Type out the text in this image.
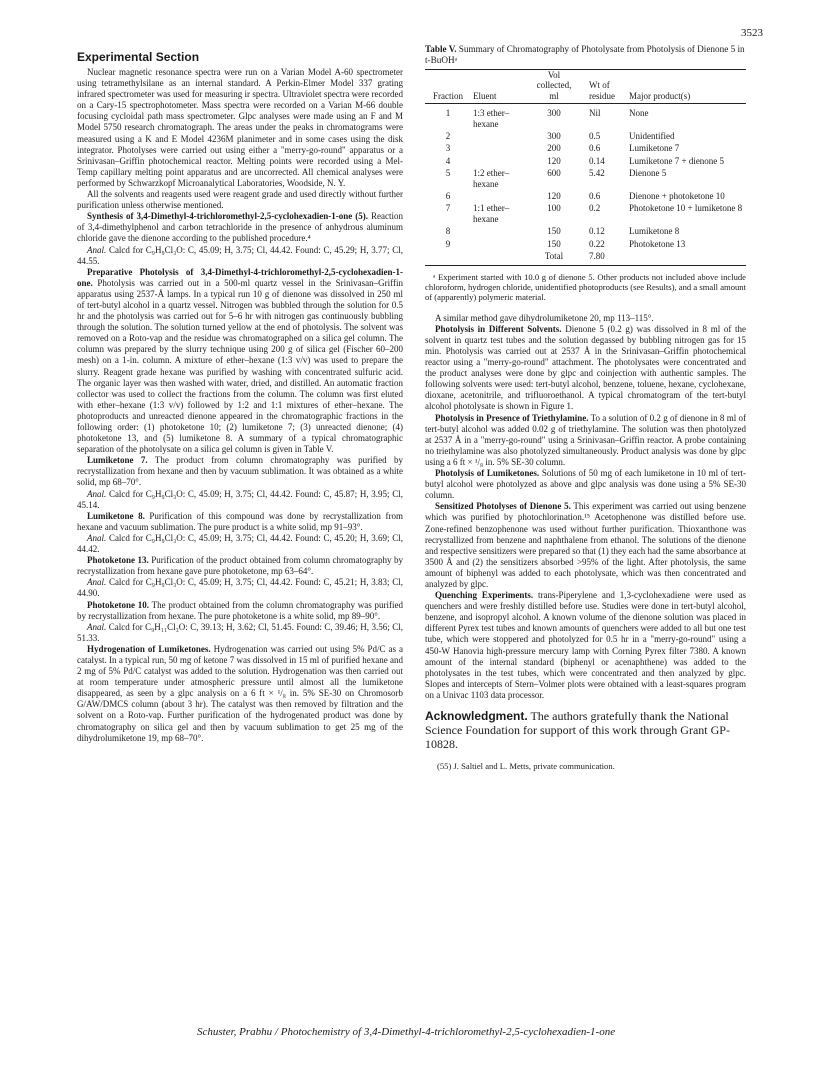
3523
Experimental Section

Nuclear magnetic resonance spectra were run on a Varian Model A-60 spectrometer using tetramethylsilane as an internal standard. A Perkin-Elmer Model 337 grating infrared spectrometer was used for measuring ir spectra. Ultraviolet spectra were recorded on a Cary-15 spectrophotometer. Mass spectra were recorded on a Varian M-66 double focusing cycloidal path mass spectrometer. Glpc analyses were made using an F and M Model 5750 research chromatograph. The areas under the peaks in chromatograms were measured using a K and E Model 4236M planimeter and in some cases using the disk integrator. Photolyses were carried out using either a "merry-go-round" apparatus or a Srinivasan–Griffin photochemical reactor. Melting points were recorded using a Mel-Temp capillary melting point apparatus and are uncorrected. All chemical analyses were performed by Schwarzkopf Microanalytical Laboratories, Woodside, N. Y.

All the solvents and reagents used were reagent grade and used directly without further purification unless otherwise mentioned.

Synthesis of 3,4-Dimethyl-4-trichloromethyl-2,5-cyclohexadien-1-one (5). Reaction of 3,4-dimethylphenol and carbon tetrachloride in the presence of anhydrous aluminum chloride gave the dienone according to the published procedure.⁴

Anal. Calcd for C₉H₉Cl₃O: C, 45.09; H, 3.75; Cl, 44.42. Found: C, 45.29; H, 3.77; Cl, 44.55.

Preparative Photolysis of 3,4-Dimethyl-4-trichloromethyl-2,5-cyclohexadien-1-one. Photolysis was carried out in a 500-ml quartz vessel in the Srinivasan–Griffin apparatus using 2537-Å lamps. In a typical run 10 g of dienone was dissolved in 250 ml of tert-butyl alcohol in a quartz vessel. Nitrogen was bubbled through the solution for 0.5 hr and the photolysis was carried out for 5–6 hr with nitrogen gas continuously bubbling through the solution. The solution turned yellow at the end of photolysis. The solvent was removed on a Roto-vap and the residue was chromatographed on a silica gel column. The column was prepared by the slurry technique using 200 g of silica gel (Fischer 60–200 mesh) on a 1-in. column. A mixture of ether–hexane (1:3 v/v) was used to prepare the slurry. Reagent grade hexane was purified by washing with concentrated sulfuric acid. The organic layer was then washed with water, dried, and distilled. An automatic fraction collector was used to collect the fractions from the column. The column was first eluted with ether–hexane (1:3 v/v) followed by 1:2 and 1:1 mixtures of ether–hexane. The photoproducts and unreacted dienone appeared in the chromatographic fractions in the following order: (1) photoketone 10; (2) lumiketone 7; (3) unreacted dienone; (4) photoketone 13, and (5) lumiketone 8. A summary of a typical chromatographic separation of the photolysate on a silica gel column is given in Table V.

Lumiketone 7. The product from column chromatography was purified by recrystallization from hexane and then by vacuum sublimation. It was obtained as a white solid, mp 68–70°.

Anal. Calcd for C₉H₉Cl₃O: C, 45.09; H, 3.75; Cl, 44.42. Found: C, 45.87; H, 3.95; Cl, 45.14.

Lumiketone 8. Purification of this compound was done by recrystallization from hexane and vacuum sublimation. The pure product is a white solid, mp 91–93°.

Anal. Calcd for C₉H₉Cl₃O: C, 45.09; H, 3.75; Cl, 44.42. Found: C, 45.20; H, 3.69; Cl, 44.42.

Photoketone 13. Purification of the product obtained from column chromatography by recrystallization from hexane gave pure photoketone, mp 63–64°.

Anal. Calcd for C₉H₉Cl₃O: C, 45.09; H, 3.75; Cl, 44.42. Found: C, 45.21; H, 3.83; Cl, 44.90.

Photoketone 10. The product obtained from the column chromatography was purified by recrystallization from hexane. The pure photoketone is a white solid, mp 89–90°.

Anal. Calcd for C₉H₁₁Cl₃O: C, 39.13; H, 3.62; Cl, 51.45. Found: C, 39.46; H, 3.56; Cl, 51.33.

Hydrogenation of Lumiketones. Hydrogenation was carried out using 5% Pd/C as a catalyst. In a typical run, 50 mg of ketone 7 was dissolved in 15 ml of purified hexane and 2 mg of 5% Pd/C catalyst was added to the solution. Hydrogenation was then carried out at room temperature under atmospheric pressure until almost all the lumiketone disappeared, as seen by a glpc analysis on a 6 ft × ¹/₈ in. 5% SE-30 on Chromosorb G/AW/DMCS column (about 3 hr). The catalyst was then removed by filtration and the solvent on a Roto-vap. Further purification of the hydrogenated product was done by chromatography on silica gel and then by vacuum sublimation to get 25 mg of the dihydrolumiketone 19, mp 68–70°.

Table V. Summary of Chromatography of Photolysate from Photolysis of Dienone 5 in t-BuOHᵃ
Fraction	Eluent	Vol collected, ml	Wt of residue	Major product(s)
1	1:3 ether–hexane	300	Nil	None
2		300	0.5	Unidentified
3		200	0.6	Lumiketone 7
4		120	0.14	Lumiketone 7 + dienone 5
5	1:2 ether–hexane	600	5.42	Dienone 5
6		120	0.6	Dienone + photoketone 10
7	1:1 ether–hexane	100	0.2	Photoketone 10 + lumiketone 8
8		150	0.12	Lumiketone 8
9		150	0.22	Photoketone 13
		Total	7.80	

ᵃ Experiment started with 10.0 g of dienone 5. Other products not included above include chloroform, hydrogen chloride, unidentified photoproducts (see Results), and a small amount of (apparently) polymeric material.

A similar method gave dihydrolumiketone 20, mp 113–115°.

Photolysis in Different Solvents. Dienone 5 (0.2 g) was dissolved in 8 ml of the solvent in quartz test tubes and the solution degassed by bubbling nitrogen gas for 15 min. Photolysis was carried out at 2537 Å in the Srinivasan–Griffin photochemical reactor using a "merry-go-round" attachment. The photolysates were concentrated and the product analyses were done by glpc and coinjection with authentic samples. The following solvents were used: tert-butyl alcohol, benzene, toluene, hexane, cyclohexane, dioxane, acetonitrile, and trifluoroethanol. A typical chromatogram of the tert-butyl alcohol photolysate is shown in Figure 1.

Photolysis in Presence of Triethylamine. To a solution of 0.2 g of dienone in 8 ml of tert-butyl alcohol was added 0.02 g of triethylamine. The solution was then photolyzed at 2537 Å in a "merry-go-round" using a Srinivasan–Griffin reactor. A probe containing no triethylamine was also photolyzed simultaneously. Product analysis was done by glpc using a 6 ft × ¹/₈ in. 5% SE-30 column.

Photolysis of Lumiketones. Solutions of 50 mg of each lumiketone in 10 ml of tert-butyl alcohol were photolyzed as above and glpc analysis was done using a 5% SE-30 column.

Sensitized Photolyses of Dienone 5. This experiment was carried out using benzene which was purified by photochlorination.¹⁵ Acetophenone was distilled before use. Zone-refined benzophenone was used without further purification. Thioxanthone was recrystallized from benzene and naphthalene from ethanol. The solutions of the dienone and respective sensitizers were prepared so that (1) they each had the same absorbance at 3500 Å and (2) the sensitizers absorbed >95% of the light. After photolysis, the same amount of biphenyl was added to each photolysate, which was then concentrated and analyzed by glpc.

Quenching Experiments. trans-Piperylene and 1,3-cyclohexadiene were used as quenchers and were freshly distilled before use. Studies were done in tert-butyl alcohol, benzene, and isopropyl alcohol. A known volume of the dienone solution was placed in different Pyrex test tubes and known amounts of quenchers were added to all but one test tube, which were stoppered and photolyzed for 0.5 hr in a "merry-go-round" using a 450-W Hanovia high-pressure mercury lamp with Corning Pyrex filter 7380. A known amount of the internal standard (biphenyl or acenaphthene) was added to the photolysates in the test tubes, which were concentrated and then analyzed by glpc. Slopes and intercepts of Stern–Volmer plots were obtained with a least-squares program on a Univac 1103 data processor.

Acknowledgment. The authors gratefully thank the National Science Foundation for support of this work through Grant GP-10828.

(55) J. Saltiel and L. Metts, private communication.

Schuster, Prabhu / Photochemistry of 3,4-Dimethyl-4-trichloromethyl-2,5-cyclohexadien-1-one
